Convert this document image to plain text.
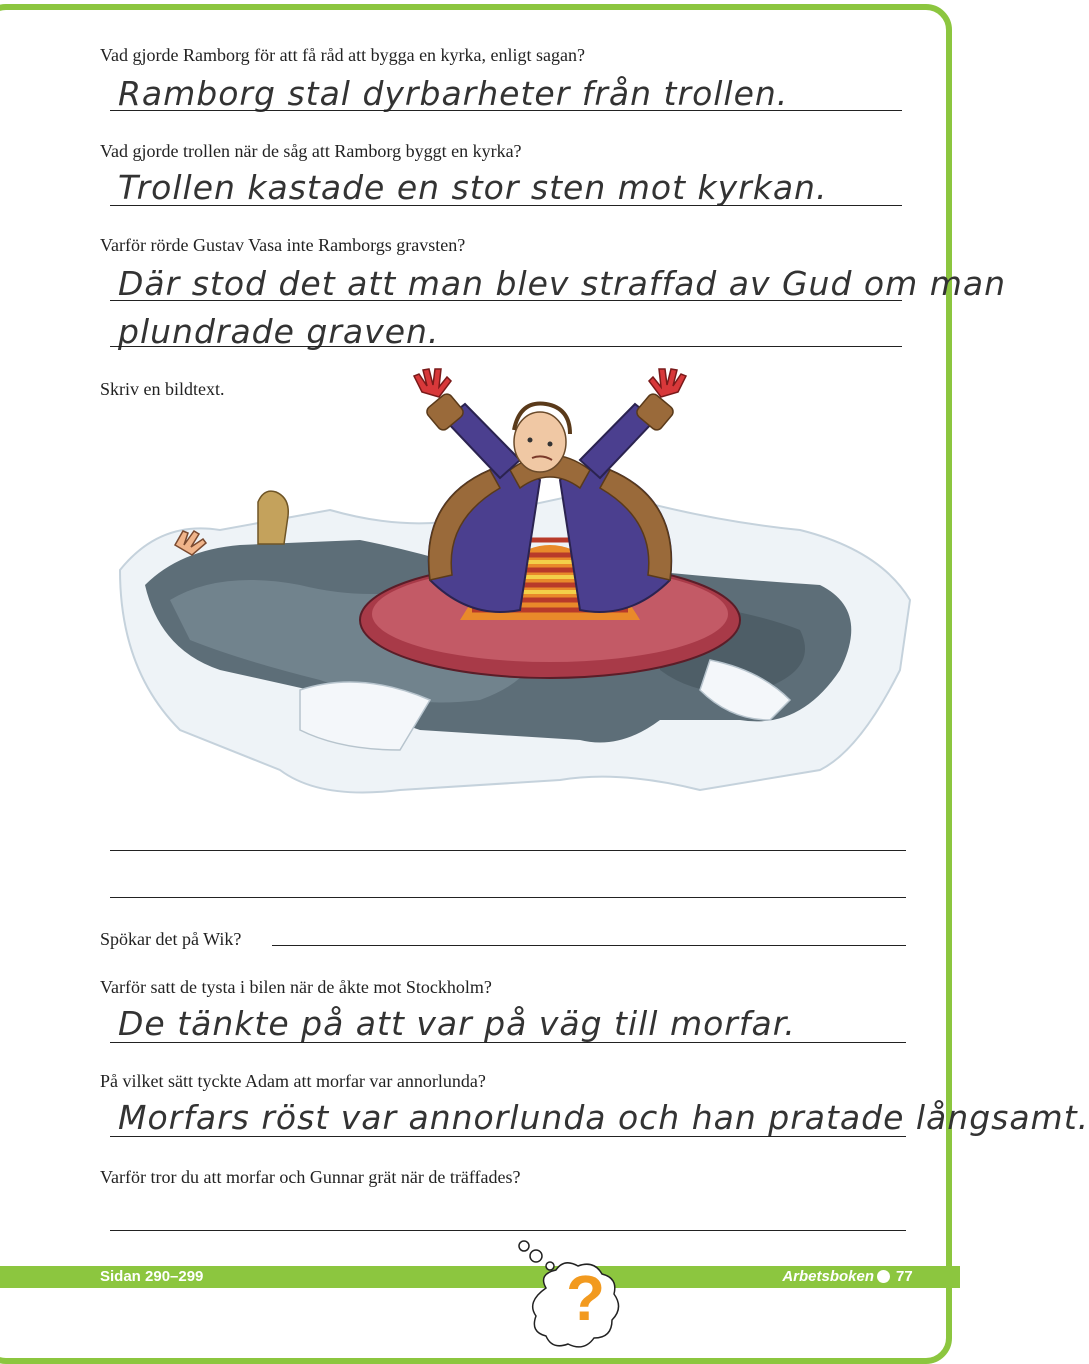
Vad gjorde Ramborg för att få råd att bygga en kyrka, enligt sagan?
Ramborg stal dyrbarheter från trollen.
Vad gjorde trollen när de såg att Ramborg byggt en kyrka?
Trollen kastade en stor sten mot kyrkan.
Varför rörde Gustav Vasa inte Ramborgs gravsten?
Där stod det att man blev straffad av Gud om man
plundrade graven.
Skriv en bildtext.
Spökar det på Wik?
Varför satt de tysta i bilen när de åkte mot Stockholm?
De tänkte på att var på väg till morfar.
På vilket sätt tyckte Adam att morfar var annorlunda?
Morfars röst var annorlunda och han pratade långsamt.
Varför tror du att morfar och Gunnar grät när de träffades?
Sidan 290–299	Arbetsboken 77
?
